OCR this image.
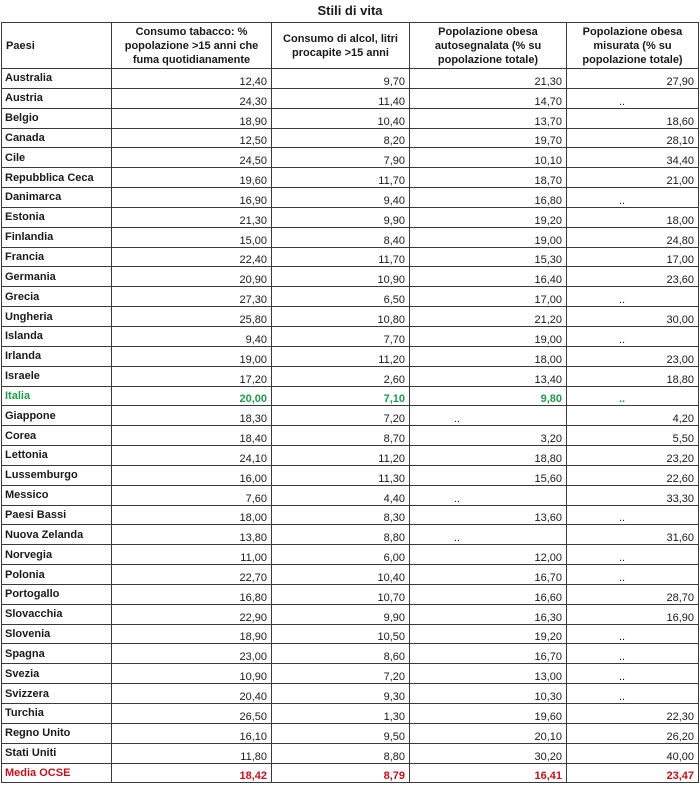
Stili di vita
Paesi	Consumo tabacco: % popolazione >15 anni che fuma quotidianamente	Consumo di alcol, litri procapite >15 anni	Popolazione obesa autosegnalata (% su popolazione totale)	Popolazione obesa misurata (% su popolazione totale)
Australia	12,40	9,70	21,30	27,90
Austria	24,30	11,40	14,70	..
Belgio	18,90	10,40	13,70	18,60
Canada	12,50	8,20	19,70	28,10
Cile	24,50	7,90	10,10	34,40
Repubblica Ceca	19,60	11,70	18,70	21,00
Danimarca	16,90	9,40	16,80	..
Estonia	21,30	9,90	19,20	18,00
Finlandia	15,00	8,40	19,00	24,80
Francia	22,40	11,70	15,30	17,00
Germania	20,90	10,90	16,40	23,60
Grecia	27,30	6,50	17,00	..
Ungheria	25,80	10,80	21,20	30,00
Islanda	9,40	7,70	19,00	..
Irlanda	19,00	11,20	18,00	23,00
Israele	17,20	2,60	13,40	18,80
Italia	20,00	7,10	9,80	..
Giappone	18,30	7,20	..	4,20
Corea	18,40	8,70	3,20	5,50
Lettonia	24,10	11,20	18,80	23,20
Lussemburgo	16,00	11,30	15,60	22,60
Messico	7,60	4,40	..	33,30
Paesi Bassi	18,00	8,30	13,60	..
Nuova Zelanda	13,80	8,80	..	31,60
Norvegia	11,00	6,00	12,00	..
Polonia	22,70	10,40	16,70	..
Portogallo	16,80	10,70	16,60	28,70
Slovacchia	22,90	9,90	16,30	16,90
Slovenia	18,90	10,50	19,20	..
Spagna	23,00	8,60	16,70	..
Svezia	10,90	7,20	13,00	..
Svizzera	20,40	9,30	10,30	..
Turchia	26,50	1,30	19,60	22,30
Regno Unito	16,10	9,50	20,10	26,20
Stati Uniti	11,80	8,80	30,20	40,00
Media OCSE	18,42	8,79	16,41	23,47
